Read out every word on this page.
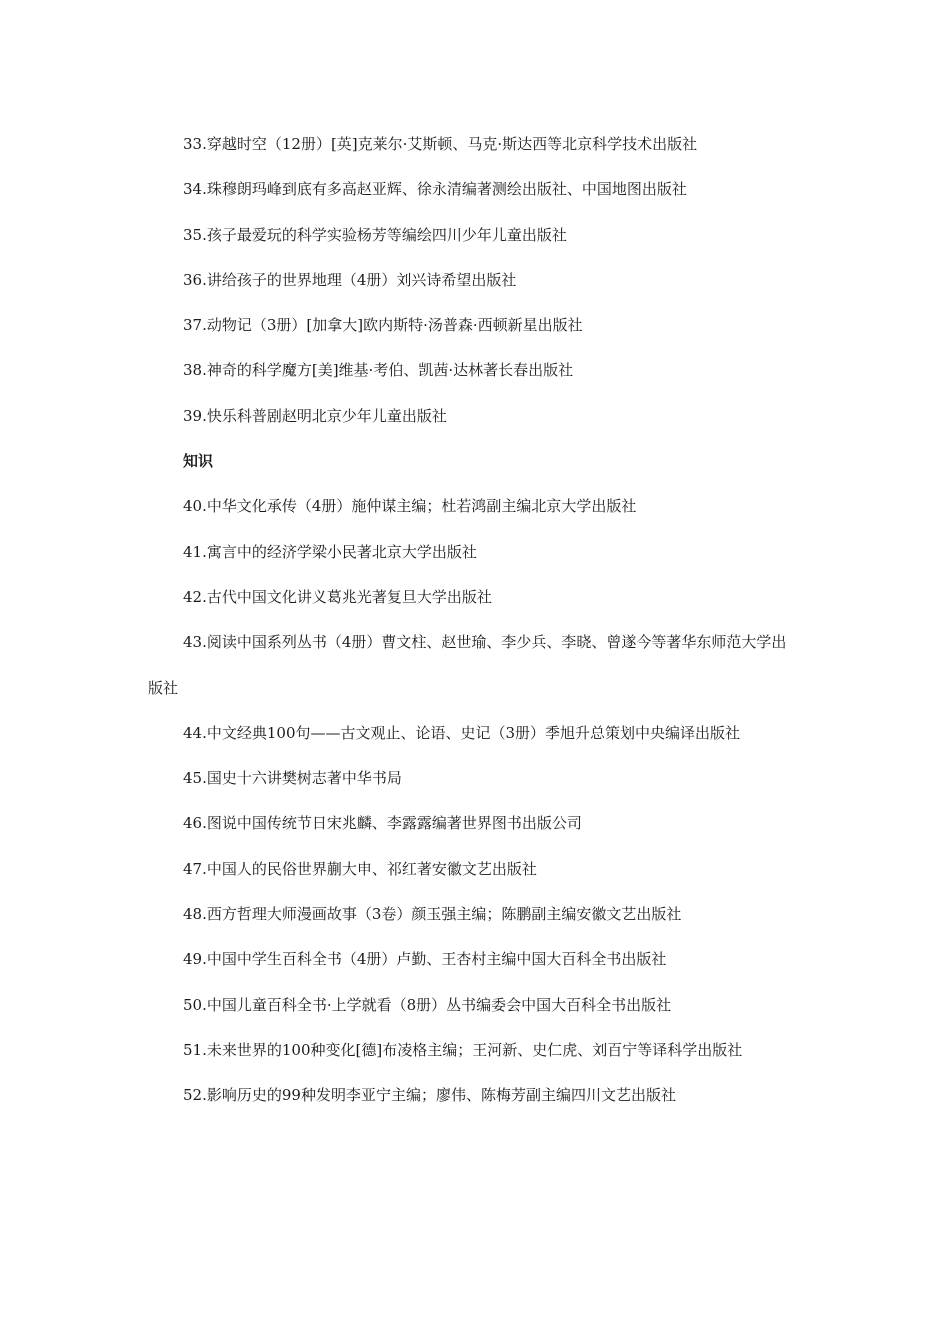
33.穿越时空（12册）[英]克莱尔·艾斯顿、马克·斯达西等北京科学技术出版社

34.珠穆朗玛峰到底有多高赵亚辉、徐永清编著测绘出版社、中国地图出版社

35.孩子最爱玩的科学实验杨芳等编绘四川少年儿童出版社

36.讲给孩子的世界地理（4册）刘兴诗希望出版社

37.动物记（3册）[加拿大]欧内斯特·汤普森·西顿新星出版社

38.神奇的科学魔方[美]维基·考伯、凯茜·达林著长春出版社

39.快乐科普剧赵明北京少年儿童出版社

知识

40.中华文化承传（4册）施仲谋主编；杜若鸿副主编北京大学出版社

41.寓言中的经济学梁小民著北京大学出版社

42.古代中国文化讲义葛兆光著复旦大学出版社

43.阅读中国系列丛书（4册）曹文柱、赵世瑜、李少兵、李晓、曾遂今等著华东师范大学出版社

44.中文经典100句——古文观止、论语、史记（3册）季旭升总策划中央编译出版社

45.国史十六讲樊树志著中华书局

46.图说中国传统节日宋兆麟、李露露编著世界图书出版公司

47.中国人的民俗世界蒯大申、祁红著安徽文艺出版社

48.西方哲理大师漫画故事（3卷）颜玉强主编；陈鹏副主编安徽文艺出版社

49.中国中学生百科全书（4册）卢勤、王杏村主编中国大百科全书出版社

50.中国儿童百科全书·上学就看（8册）丛书编委会中国大百科全书出版社

51.未来世界的100种变化[德]布凌格主编；王河新、史仁虎、刘百宁等译科学出版社

52.影响历史的99种发明李亚宁主编；廖伟、陈梅芳副主编四川文艺出版社
